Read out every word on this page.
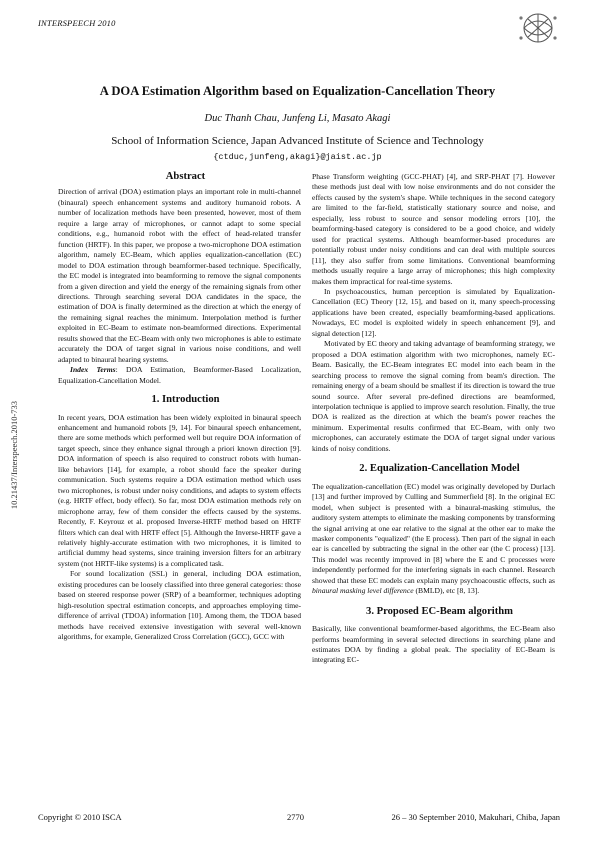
INTERSPEECH 2010
10.21437/Interspeech.2010-733
A DOA Estimation Algorithm based on Equalization-Cancellation Theory
Duc Thanh Chau, Junfeng Li, Masato Akagi
School of Information Science, Japan Advanced Institute of Science and Technology
{ctduc,junfeng,akagi}@jaist.ac.jp

Abstract

Direction of arrival (DOA) estimation plays an important role in multi-channel (binaural) speech enhancement systems and auditory humanoid robots. A number of localization methods have been presented, however, most of them require a large array of microphones, or cannot adapt to some special conditions, e.g., humanoid robot with the effect of head-related transfer function (HRTF). In this paper, we propose a two-microphone DOA estimation algorithm, namely EC-Beam, which applies equalization-cancellation (EC) model to DOA estimation through beamformer-based technique. Specifically, the EC model is integrated into beamforming to remove the signal components from a given direction and yield the energy of the remaining signals from other directions. Through searching several DOA candidates in the space, the estimation of DOA is finally determined as the direction at which the energy of the remaining signal reaches the minimum. Interpolation method is further exploited in EC-Beam to estimate non-beamformed directions. Experimental results showed that the EC-Beam with only two microphones is able to estimate accurately the DOA of target signal in various noise conditions, and well adapted to binaural hearing systems.

Index Terms: DOA Estimation, Beamformer-Based Localization, Equalization-Cancellation Model.

1. Introduction

In recent years, DOA estimation has been widely exploited in binaural speech enhancement and humanoid robots [9, 14]. For binaural speech enhancement, there are some methods which performed well but require DOA information of target speech, since they enhance signal through a priori known direction [9]. DOA information of speech is also required to construct robots with human-like behaviors [14], for example, a robot should face the speaker during communication. Such systems require a DOA estimation method which uses two microphones, is robust under noisy conditions, and adapts to system effects (e.g. HRTF effect, body effect). So far, most DOA estimation methods rely on microphone array, few of them consider the effects caused by the systems. Recently, F. Keyrouz et al. proposed Inverse-HRTF method based on HRTF filters which can deal with HRTF effect [5]. Although the Inverse-HRTF gave a relatively highly-accurate estimation with two microphones, it is limited to artificial dummy head systems, since training inversion filters for an arbitrary system (not HRTF-like systems) is a complicated task.

For sound localization (SSL) in general, including DOA estimation, existing procedures can be loosely classified into three general categories: those based on steered response power (SRP) of a beamformer, techniques adopting high-resolution spectral estimation concepts, and approaches employing time-difference of arrival (TDOA) information [10]. Among them, the TDOA based methods have received extensive investigation with several well-known algorithms, for example, Generalized Cross Correlation (GCC), GCC with

Phase Transform weighting (GCC-PHAT) [4], and SRP-PHAT [7]. However these methods just deal with low noise environments and do not consider the effects caused by the system's shape. While techniques in the second category are limited to the far-field, statistically stationary source and noise, and especially, less robust to source and sensor modeling errors [10], the beamforming-based category is considered to be a good choice, and widely used for practical systems. Although beamformer-based procedures are potentially robust under noisy conditions and can deal with multiple sources [11], they also suffer from some limitations. Conventional beamforming methods usually require a large array of microphones; this high complexity makes them impractical for real-time systems.

In psychoacoustics, human perception is simulated by Equalization-Cancellation (EC) Theory [12, 15], and based on it, many speech-processing applications have been created, especially beamforming-based applications. Nowadays, EC model is exploited widely in speech enhancement [9], and signal detection [12].

Motivated by EC theory and taking advantage of beamforming strategy, we proposed a DOA estimation algorithm with two microphones, namely EC-Beam. Basically, the EC-Beam integrates EC model into each beam in the searching process to remove the signal coming from beam's direction. The remaining energy of a beam should be smallest if its direction is toward the true sound source. After several pre-defined directions are beamformed, interpolation technique is applied to improve search resolution. Finally, the true DOA is realized as the direction at which the beam's power reaches the minimum. Experimental results confirmed that EC-Beam, with only two microphones, can accurately estimate the DOA of target signal under various kinds of noisy conditions.

2. Equalization-Cancellation Model

The equalization-cancellation (EC) model was originally developed by Durlach [13] and further improved by Culling and Summerfield [8]. In the original EC model, when subject is presented with a binaural-masking stimulus, the auditory system attempts to eliminate the masking components by transforming the signal arriving at one ear relative to the signal at the other ear to make the masker components "equalized" (the E process). Then part of the signal in each ear is cancelled by subtracting the signal in the other ear (the C process) [13]. This model was recently improved in [8] where the E and C processes were independently performed for the interfering signals in each channel. Research showed that these EC models can explain many psychoacoustic effects, such as binaural masking level difference (BMLD), etc [8, 13].

3. Proposed EC-Beam algorithm

Basically, like conventional beamformer-based algorithms, the EC-Beam also performs beamforming in several selected directions in searching plane and estimates DOA by finding a global peak. The speciality of EC-Beam is integrating EC-

Copyright © 2010 ISCA	2770	26 – 30 September 2010, Makuhari, Chiba, Japan
